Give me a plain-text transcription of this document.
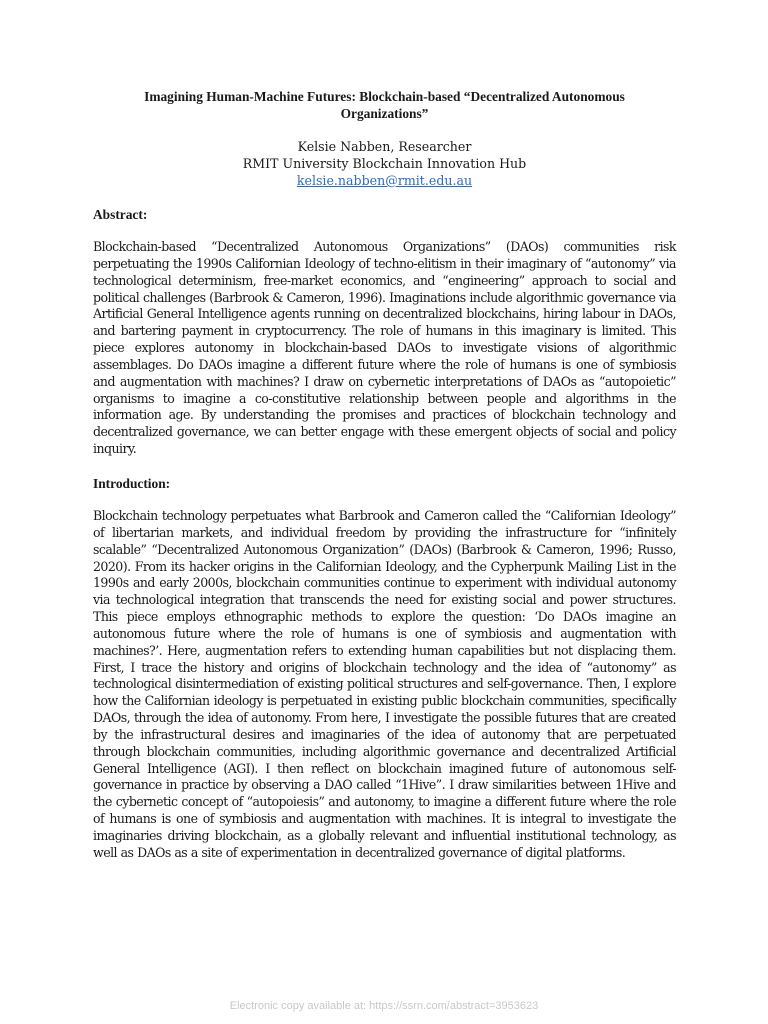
Imagining Human-Machine Futures: Blockchain-based “Decentralized Autonomous Organizations”
Kelsie Nabben, Researcher
RMIT University Blockchain Innovation Hub
kelsie.nabben@rmit.edu.au
Abstract:
Blockchain-based “Decentralized Autonomous Organizations” (DAOs) communities risk perpetuating the 1990s Californian Ideology of techno-elitism in their imaginary of “autonomy” via technological determinism, free-market economics, and “engineering” approach to social and political challenges (Barbrook & Cameron, 1996). Imaginations include algorithmic governance via Artificial General Intelligence agents running on decentralized blockchains, hiring labour in DAOs, and bartering payment in cryptocurrency. The role of humans in this imaginary is limited. This piece explores autonomy in blockchain-based DAOs to investigate visions of algorithmic assemblages. Do DAOs imagine a different future where the role of humans is one of symbiosis and augmentation with machines? I draw on cybernetic interpretations of DAOs as “autopoietic” organisms to imagine a co-constitutive relationship between people and algorithms in the information age. By understanding the promises and practices of blockchain technology and decentralized governance, we can better engage with these emergent objects of social and policy inquiry.
Introduction:
Blockchain technology perpetuates what Barbrook and Cameron called the “Californian Ideology” of libertarian markets, and individual freedom by providing the infrastructure for “infinitely scalable” “Decentralized Autonomous Organization” (DAOs) (Barbrook & Cameron, 1996; Russo, 2020). From its hacker origins in the Californian Ideology, and the Cypherpunk Mailing List in the 1990s and early 2000s, blockchain communities continue to experiment with individual autonomy via technological integration that transcends the need for existing social and power structures. This piece employs ethnographic methods to explore the question: ‘Do DAOs imagine an autonomous future where the role of humans is one of symbiosis and augmentation with machines?’. Here, augmentation refers to extending human capabilities but not displacing them. First, I trace the history and origins of blockchain technology and the idea of “autonomy” as technological disintermediation of existing political structures and self-governance. Then, I explore how the Californian ideology is perpetuated in existing public blockchain communities, specifically DAOs, through the idea of autonomy. From here, I investigate the possible futures that are created by the infrastructural desires and imaginaries of the idea of autonomy that are perpetuated through blockchain communities, including algorithmic governance and decentralized Artificial General Intelligence (AGI). I then reflect on blockchain imagined future of autonomous self-governance in practice by observing a DAO called “1Hive”. I draw similarities between 1Hive and the cybernetic concept of “autopoiesis” and autonomy, to imagine a different future where the role of humans is one of symbiosis and augmentation with machines. It is integral to investigate the imaginaries driving blockchain, as a globally relevant and influential institutional technology, as well as DAOs as a site of experimentation in decentralized governance of digital platforms.
Electronic copy available at: https://ssrn.com/abstract=3953623
